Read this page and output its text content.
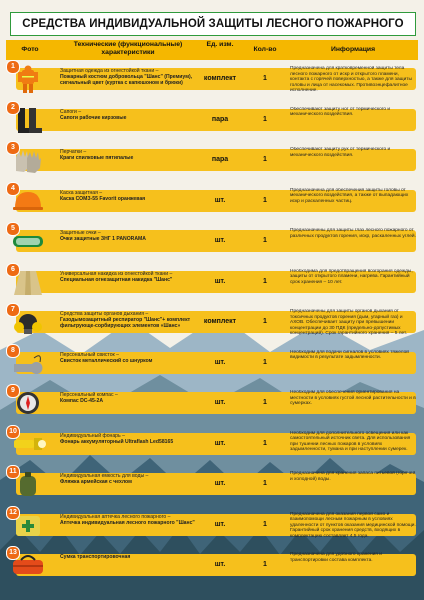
СРЕДСТВА ИНДИВИДУАЛЬНОЙ ЗАЩИТЫ ЛЕСНОГО ПОЖАРНОГО
Фото
Технические (функциональные) характеристики
Ед. изм.
Кол-во	Информация
1
Защитная одежда из огнестойкой ткани –
Пожарный костюм добровольца "Шанс" (Премиум), сигнальный цвет (куртка с капюшоном и брюки)
комплект	1
Предназначена для кратковременной защиты тела лесного пожарного от искр и открытого пламени, контакта с горячей поверхностью, а также для защиты головы и лица от насекомых. Противоэнцефалитное исполнение.
2
Сапоги –
Сапоги рабочие кирзовые	пара	1
Обеспечивают защиту ног от термического и механического воздействия.
3
Перчатки –
Краги спилковые пятипалые	пара	1
Обеспечивают защиту рук от термического и механического воздействия.
4
Каска защитная –
Каска СОМЗ-55 Favorit оранжевая	шт.	1
Предназначена для обеспечения защиты головы от механического воздействия, а также от выпадающих искр и раскаленных частиц.
5
Защитные очки –
Очки защитные ЗНГ 1 PANORAMA	шт.	1
Предназначены для защиты глаз лесного пожарного от различных продуктов горения, искр, раскаленных углей.
6
Универсальная накидка из огнестойкой ткани –
Специальная огнезащитная накидка "Шанс"	шт.	1
Необходима для предотвращения возгорания одежды, защиты от открытого пламени, нагрева. Гарантийный срок хранения – 10 лет.
7
Средства защиты органов дыхания –
Газодымозащитный респиратор "Шанс"+ комплект фильтрующе-сорбирующих элементов «Шанс»
комплект	1
Предназначены для защиты органов дыхания от токсичных продуктов горения (дым, угарный газ) и АХОВ. Обеспечивает защиту при превышении концентрации до 30 ПДК (предельно-допустимых концентраций). Срок гарантийного хранения – 5 лет.
8
Персональный свисток –
Свисток металлический со шнурком	шт.	1
Необходим для подачи сигналов в условиях тяжелой видимости в результате задымленности.
9
Персональный компас –
Компас DC-45-2А	шт.	1
Необходим для обеспечения ориентирования на местности в условиях густой лесной растительности и в сумерках.
10
Индивидуальный фонарь –
Фонарь аккумуляторный Ultraflash Led58165	шт.	1
Необходим для дополнительного освещения или как самостоятельный источник света. Для использования при тушении лесных пожаров в условиях задымленности, тумана и при наступлении сумерек.
11
Индивидуальная емкость для воды –
Фляжка армейская с чехлом	шт.	1
Предназначена для хранения запаса питьевой (горячей и холодной) воды.
12
Индивидуальная аптечка лесного пожарного –
Аптечка индивидуальная лесного пожарного "Шанс"	шт.	1
Предназначена для оказания первой само и взаимопомощи лесным пожарным в условиях удаленности от пунктов оказания медицинской помощи. Гарантийный срок хранения средств, входящих в комплектацию составляет 4,5 года.
13
Сумка транспортировочная
шт.	1
Предназначена для удобного хранения и транспортировки состава комплекта.
